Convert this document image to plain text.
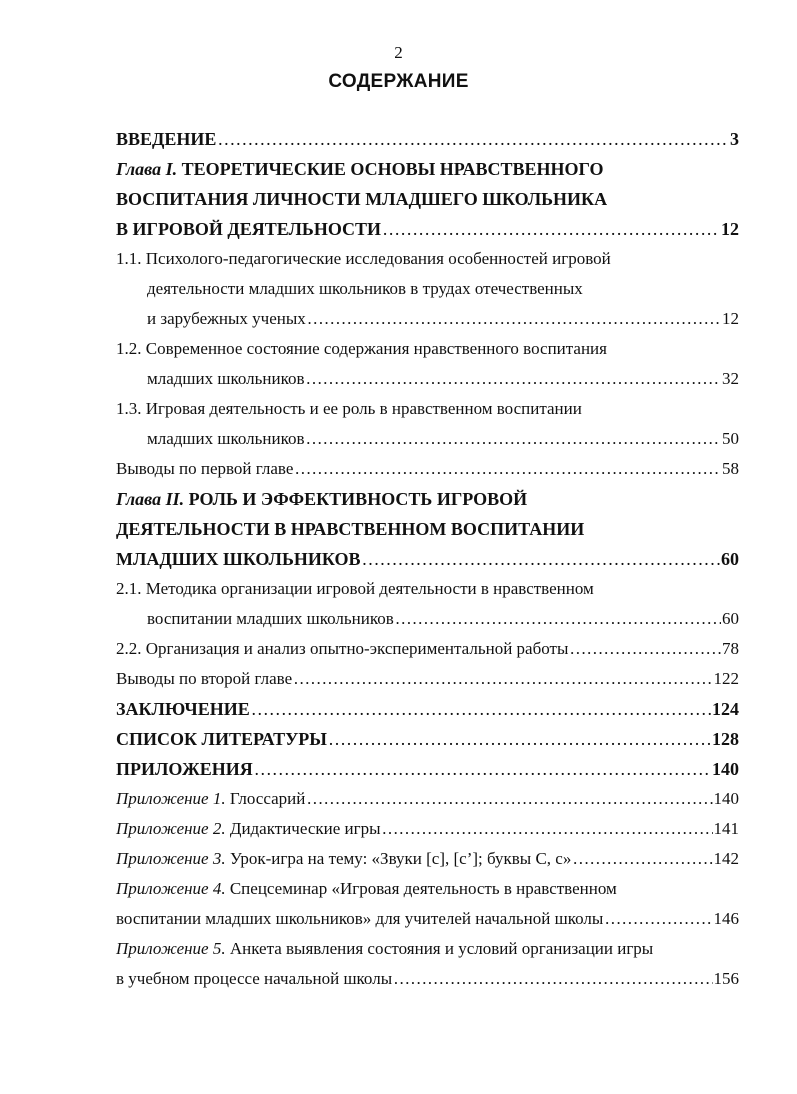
2
СОДЕРЖАНИЕ
ВВЕДЕНИЕ ……………………………………………………………………………………………………………………………………………………………………………………	3
Глава I. ТЕОРЕТИЧЕСКИЕ ОСНОВЫ НРАВСТВЕННОГО
ВОСПИТАНИЯ ЛИЧНОСТИ МЛАДШЕГО ШКОЛЬНИКА
В ИГРОВОЙ ДЕЯТЕЛЬНОСТИ ……………………………………………………………………………………………………………………………………………………………………………………	12
1.1. Психолого-педагогические исследования особенностей игровой
деятельности младших школьников в трудах отечественных
и зарубежных ученых ……………………………………………………………………………………………………………………………………………………………………………………	12
1.2. Современное состояние содержания нравственного воспитания
младших школьников ……………………………………………………………………………………………………………………………………………………………………………………	32
1.3. Игровая деятельность и ее роль в нравственном воспитании
младших школьников ……………………………………………………………………………………………………………………………………………………………………………………	50
Выводы по первой главе ……………………………………………………………………………………………………………………………………………………………………………………	58
Глава II. РОЛЬ И ЭФФЕКТИВНОСТЬ ИГРОВОЙ
ДЕЯТЕЛЬНОСТИ В НРАВСТВЕННОМ ВОСПИТАНИИ
МЛАДШИХ ШКОЛЬНИКОВ ……………………………………………………………………………………………………………………………………………………………………………………	60
2.1. Методика организации игровой деятельности в нравственном
воспитании младших школьников ……………………………………………………………………………………………………………………………………………………………………………………	60
2.2. Организация и анализ опытно-экспериментальной работы ……………………………………………………………………………………………………………………………………………………………………………………	78
Выводы по второй главе ……………………………………………………………………………………………………………………………………………………………………………………	122
ЗАКЛЮЧЕНИЕ ……………………………………………………………………………………………………………………………………………………………………………………	124
СПИСОК ЛИТЕРАТУРЫ ……………………………………………………………………………………………………………………………………………………………………………………	128
ПРИЛОЖЕНИЯ ……………………………………………………………………………………………………………………………………………………………………………………	140
Приложение 1. Глоссарий ……………………………………………………………………………………………………………………………………………………………………………………	140
Приложение 2. Дидактические игры ……………………………………………………………………………………………………………………………………………………………………………………	141
Приложение 3. Урок-игра на тему: «Звуки [с], [с’]; буквы С, с» ……………………………………………………………………………………………………………………………………………………………………………………	142
Приложение 4. Спецсеминар «Игровая деятельность в нравственном
воспитании младших школьников» для учителей начальной школы ……………………………………………………………………………………………………………………………………………………………………………………	146
Приложение 5. Анкета выявления состояния и условий организации игры
в учебном процессе начальной школы ……………………………………………………………………………………………………………………………………………………………………………………	156
